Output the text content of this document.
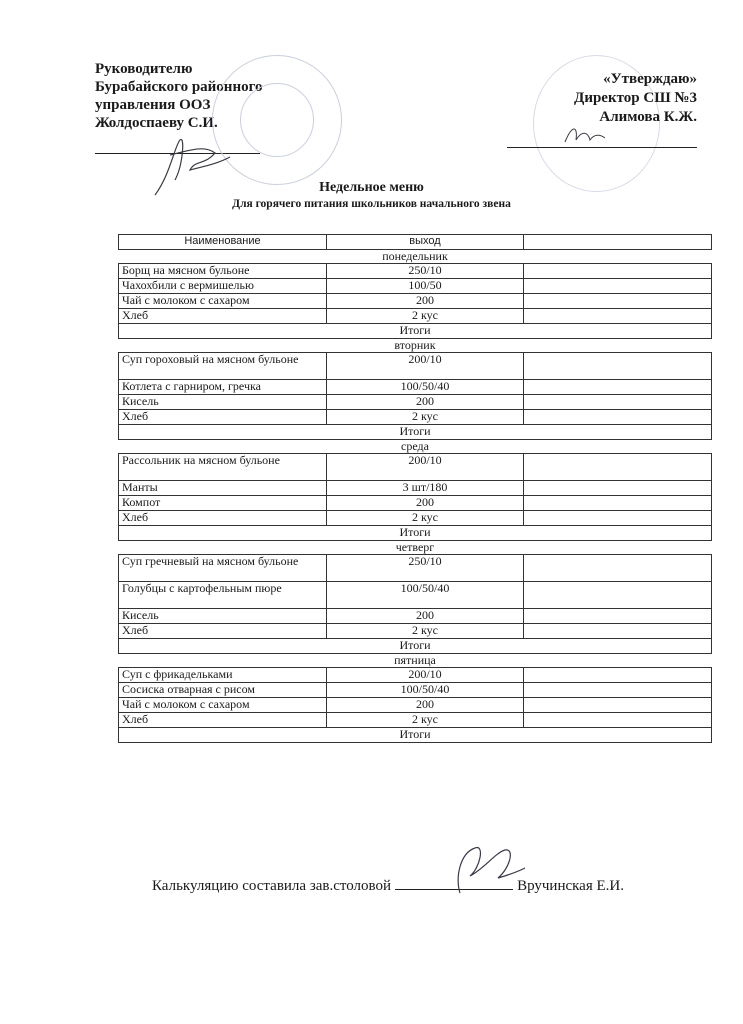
Руководителю
Бурабайского районного
управления ООЗ
Жолдоспаеву С.И.
«Утверждаю»
Директор СШ №3
Алимова К.Ж.
Недельное меню
Для горячего питания школьников начального звена
Наименование	выход	
понедельник		
Борщ на мясном бульоне	250/10	
Чахохбили с вермишелью	100/50	
Чай с молоком с сахаром	200	
Хлеб	2 кус	
Итоги		
вторник		
Суп гороховый на мясном бульоне	200/10	
Котлета с гарниром, гречка	100/50/40	
Кисель	200	
Хлеб	2 кус	
Итоги		
среда		
Рассольник на мясном бульоне	200/10	
Манты	3 шт/180	
Компот	200	
Хлеб	2 кус	
Итоги		
четверг		
Суп гречневый на мясном бульоне	250/10	
Голубцы с картофельным пюре	100/50/40	
Кисель	200	
Хлеб	2 кус	
Итоги		
пятница		
Суп с фрикадельками	200/10	
Сосиска отварная с рисом	100/50/40	
Чай с молоком с сахаром	200	
Хлеб	2 кус	
Итоги		
Калькуляцию составила зав.столовой	Вручинская Е.И.
